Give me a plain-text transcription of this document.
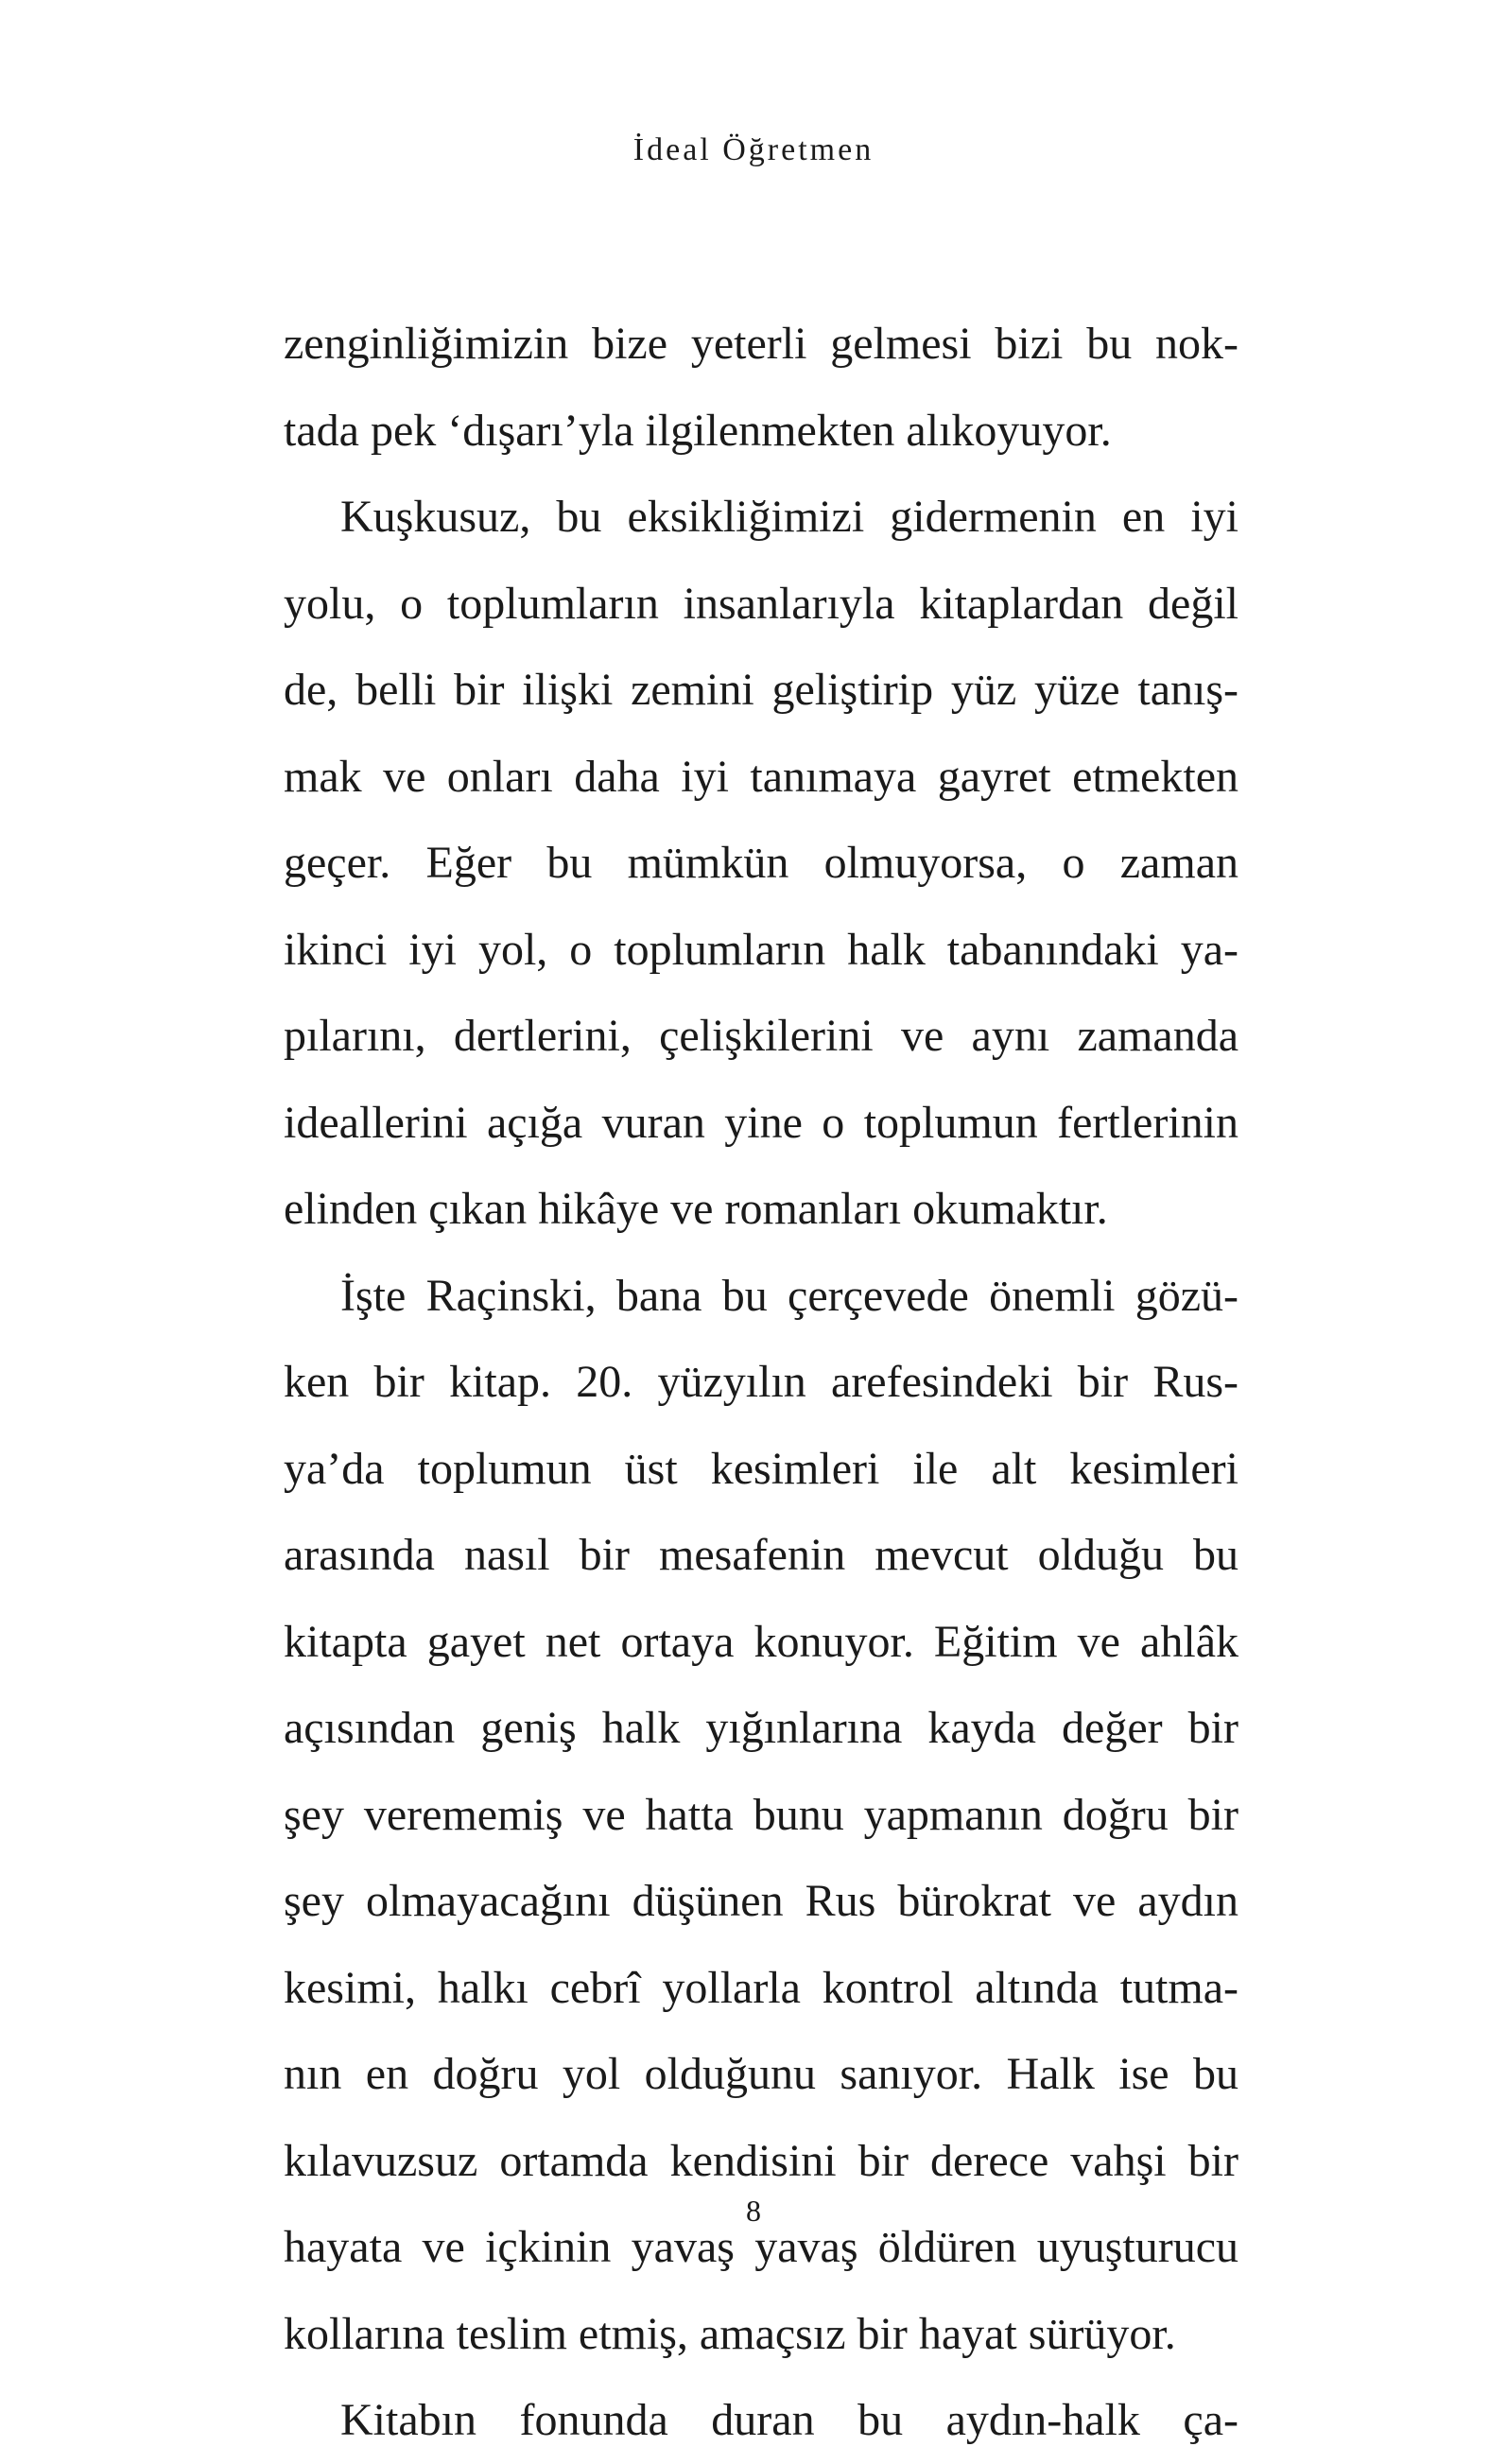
İdeal Öğretmen
zenginliğimizin bize yeterli gelmesi bizi bu nok-
tada pek ‘dışarı’yla ilgilenmekten alıkoyuyor.
Kuşkusuz, bu eksikliğimizi gidermenin en iyi
yolu, o toplumların insanlarıyla kitaplardan değil
de, belli bir ilişki zemini geliştirip yüz yüze tanış-
mak ve onları daha iyi tanımaya gayret etmekten
geçer. Eğer bu mümkün olmuyorsa, o zaman
ikinci iyi yol, o toplumların halk tabanındaki ya-
pılarını, dertlerini, çelişkilerini ve aynı zamanda
ideallerini açığa vuran yine o toplumun fertlerinin
elinden çıkan hikâye ve romanları okumaktır.
İşte Raçinski, bana bu çerçevede önemli gözü-
ken bir kitap. 20. yüzyılın arefesindeki bir Rus-
ya’da toplumun üst kesimleri ile alt kesimleri
arasında nasıl bir mesafenin mevcut olduğu bu
kitapta gayet net ortaya konuyor. Eğitim ve ahlâk
açısından geniş halk yığınlarına kayda değer bir
şey verememiş ve hatta bunu yapmanın doğru bir
şey olmayacağını düşünen Rus bürokrat ve aydın
kesimi, halkı cebrî yollarla kontrol altında tutma-
nın en doğru yol olduğunu sanıyor. Halk ise bu
kılavuzsuz ortamda kendisini bir derece vahşi bir
hayata ve içkinin yavaş yavaş öldüren uyuşturucu
kollarına teslim etmiş, amaçsız bir hayat sürüyor.
Kitabın fonunda duran bu aydın-halk ça-
8
